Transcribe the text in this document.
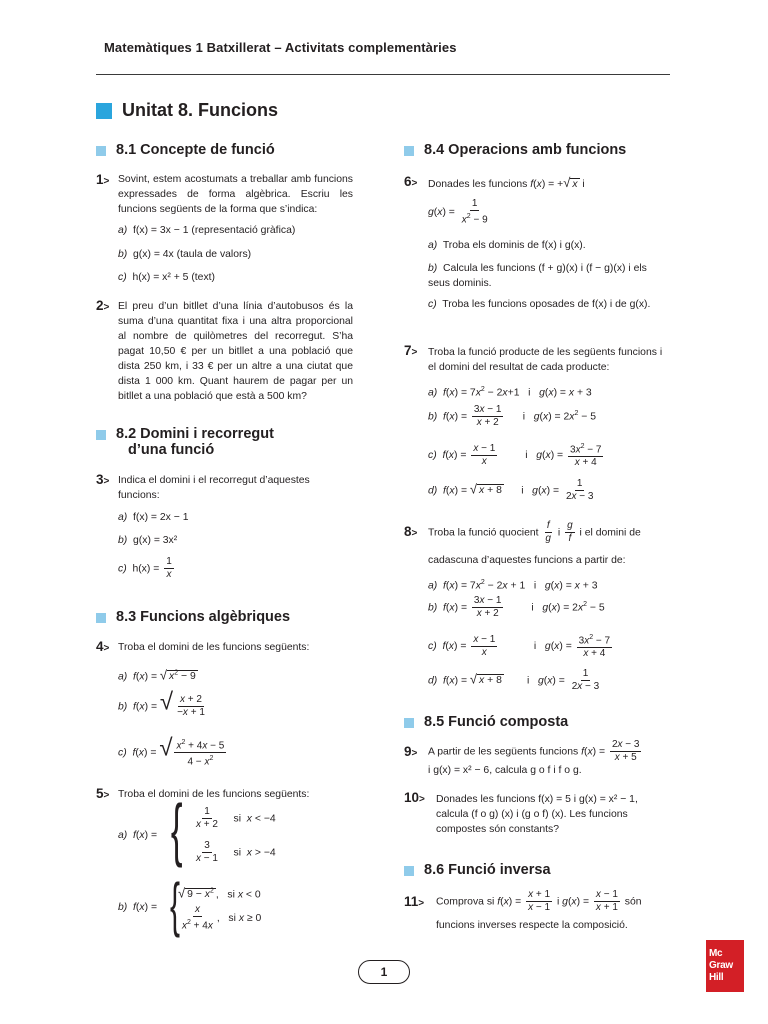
Matemàtiques 1 Batxillerat – Activitats complementàries
Unitat 8. Funcions
8.1 Concepte de funció
1> Sovint, estem acostumats a treballar amb funcions expressades de forma algèbrica. Escriu les funcions següents de la forma que s’indica:
a) f(x) = 3x − 1 (representació gràfica)
b) g(x) = 4x (taula de valors)
c) h(x) = x² + 5 (text)
2> El preu d’un bitllet d’una línia d’autobusos és la suma d’una quantitat fixa i una altra proporcional al nombre de quilòmetres del recorregut. S’ha pagat 10,50 € per un bitllet a una població que dista 250 km, i 33 € per un altre a una ciutat que dista 1 000 km. Quant haurem de pagar per un bitllet a una població que està a 500 km?
8.2 Domini i recorregut
d’una funció
3> Indica el domini i el recorregut d’aquestes funcions:
a) f(x) = 2x − 1
b) g(x) = 3x²
c) $h(x) = \frac{1}{x}$
8.3 Funcions algèbriques
4> Troba el domini de les funcions següents:
a) f(x) = √ $x^2 - 9$
b) f(x) = √ $\frac{x + 2}{-x + 1}$
c) f(x) = √ $\frac{x^2 + 4x - 5}{4 - x^2}$
5> Troba el domini de les funcions següents:
a) f(x) = { $\frac{1}{x + 2}$ si  x < −4
$\frac{3}{x - 1}$ si  x > −4
b) f(x) = {
√ $9 - x^2$ ,   si x < 0
$\frac{x}{x^2 + 4x}$ ,   si x ≥ 0
8.4 Operacions amb funcions
6> Donades les funcions f(x) = +√ x i
$g(x) = \frac{1}{x^2 - 9}$
a) Troba els dominis de f(x) i g(x).
b) Calcula les funcions (f + g)(x) i (f − g)(x) i els seus dominis.
c) Troba les funcions oposades de f(x) i de g(x).
7> Troba la funció producte de les següents funcions i el domini del resultat de cada producte:
a) $f(x) = 7x^2 - 2x+1$   i   g(x) = x + 3
b) $f(x) = \frac{3x - 1}{x + 2}$ i   $g(x) = 2x^2 - 5$
c) $f(x) = \frac{x - 1}{x}$ i   $g(x) = \frac{3x^2 - 7}{x + 4}$
d) f(x) = √ x + 8      i   $g(x) = \frac{1}{2x - 3}$
8> Troba la funció quocient $\frac{f}{g}$ i $\frac{g}{f}$ i el domini de
cadascuna d’aquestes funcions a partir de:
a) $f(x) = 7x^2 - 2x + 1$   i   g(x) = x + 3
b) $f(x) = \frac{3x - 1}{x + 2}$ i   $g(x) = 2x^2 - 5$
c) $f(x) = \frac{x - 1}{x}$ i   $g(x) = \frac{3x^2 - 7}{x + 4}$
d) f(x) = √ x + 8        i   $g(x) = \frac{1}{2x - 3}$
8.5 Funció composta
9> A partir de les següents funcions $f(x) = \frac{2x - 3}{x + 5}$
i g(x) = x² − 6, calcula g o f i f o g.
10> Donades les funcions f(x) = 5 i g(x) = x² − 1, calcula (f o g) (x) i (g o f) (x). Les funcions compostes són constants?
8.6 Funció inversa
11> Comprova si $f(x) = \frac{x + 1}{x - 1}$ i $g(x) = \frac{x - 1}{x + 1}$ són
funcions inverses respecte la composició.
1
Mc
Graw
Hill
